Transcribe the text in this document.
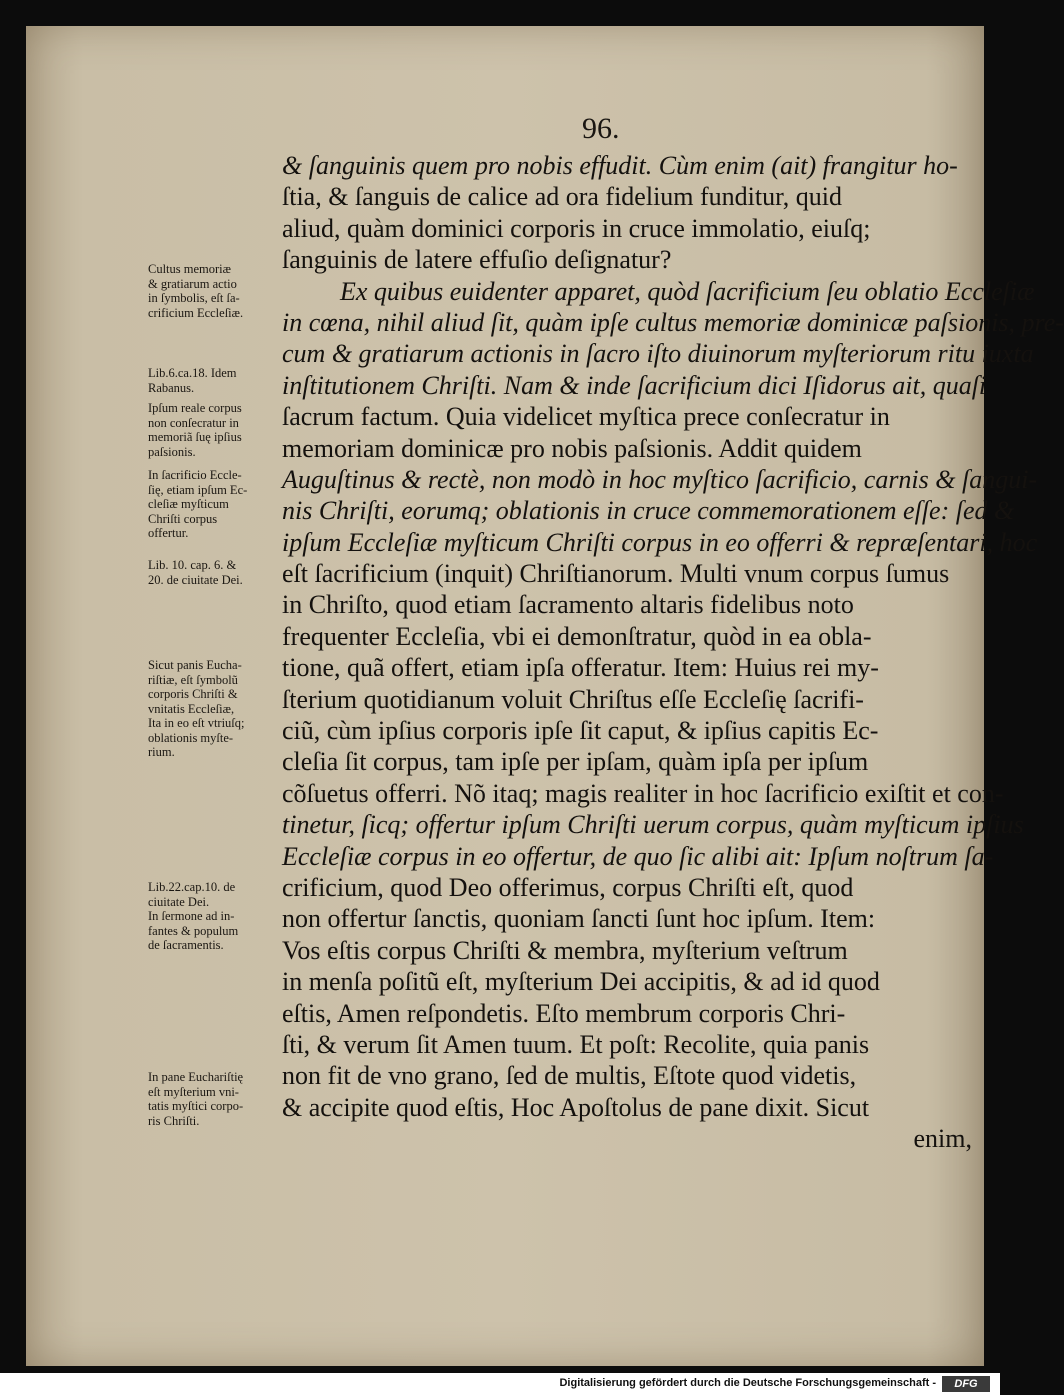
96.
& ſanguinis quem pro nobis effudit. Cùm enim (ait) frangitur ho-
ſtia, & ſanguis de calice ad ora fidelium funditur, quid
aliud, quàm dominici corporis in cruce immolatio, eiuſq;
ſanguinis de latere effuſio deſignatur?
Ex quibus euidenter apparet, quòd ſacrificium ſeu oblatio Eccleſiæ
in cœna, nihil aliud ſit, quàm ipſe cultus memoriæ dominicæ paſsionis, pre-
cum & gratiarum actionis in ſacro iſto diuinorum myſteriorum ritu iuxta
inſtitutionem Chriſti. Nam & inde ſacrificium dici Iſidorus ait, quaſi
ſacrum factum. Quia videlicet myſtica prece conſecratur in
memoriam dominicæ pro nobis paſsionis. Addit quidem
Auguſtinus & rectè, non modò in hoc myſtico ſacrificio, carnis & ſangui-
nis Chriſti, eorumq; oblationis in cruce commemorationem eſſe: ſed &
ipſum Eccleſiæ myſticum Chriſti corpus in eo offerri & repræſentari, hoc
eſt ſacrificium (inquit) Chriſtianorum. Multi vnum corpus ſumus
in Chriſto, quod etiam ſacramento altaris fidelibus noto
frequenter Eccleſia, vbi ei demonſtratur, quòd in ea obla-
tione, quã offert, etiam ipſa offeratur. Item: Huius rei my-
ſterium quotidianum voluit Chriſtus eſſe Eccleſię ſacrifi-
ciũ, cùm ipſius corporis ipſe ſit caput, & ipſius capitis Ec-
cleſia ſit corpus, tam ipſe per ipſam, quàm ipſa per ipſum
cõſuetus offerri. Nõ itaq; magis realiter in hoc ſacrificio exiſtit et con-
tinetur, ſicq; offertur ipſum Chriſti uerum corpus, quàm myſticum ipſius
Eccleſiæ corpus in eo offertur, de quo ſic alibi ait: Ipſum noſtrum ſa-
crificium, quod Deo offerimus, corpus Chriſti eſt, quod
non offertur ſanctis, quoniam ſancti ſunt hoc ipſum. Item:
Vos eſtis corpus Chriſti & membra, myſterium veſtrum
in menſa poſitũ eſt, myſterium Dei accipitis, & ad id quod
eſtis, Amen reſpondetis. Eſto membrum corporis Chri-
ſti, & verum ſit Amen tuum. Et poſt: Recolite, quia panis
non fit de vno grano, ſed de multis, Eſtote quod videtis,
& accipite quod eſtis, Hoc Apoſtolus de pane dixit. Sicut
enim,
Cultus memoriæ
& gratiarum actio
in ſymbolis, eſt ſa-
crificium Eccleſiæ.
Lib.6.ca.18. Idem
Rabanus.
Ipſum reale corpus
non conſecratur in
memoriã ſuę ipſius
paſsionis.
In ſacrificio Eccle-
ſię, etiam ipſum Ec-
cleſiæ myſticum
Chriſti corpus
offertur.
Lib. 10. cap. 6. &
20. de ciuitate Dei.
Sicut panis Eucha-
riſtiæ, eſt ſymbolũ
corporis Chriſti &
vnitatis Eccleſiæ,
Ita in eo eſt vtriuſq;
oblationis myſte-
rium.
Lib.22.cap.10. de
ciuitate Dei.
In ſermone ad in-
fantes & populum
de ſacramentis.
In pane Euchariſtię
eſt myſterium vni-
tatis myſtici corpo-
ris Chriſti.
Digitalisierung gefördert durch die Deutsche Forschungsgemeinschaft -	DFG
